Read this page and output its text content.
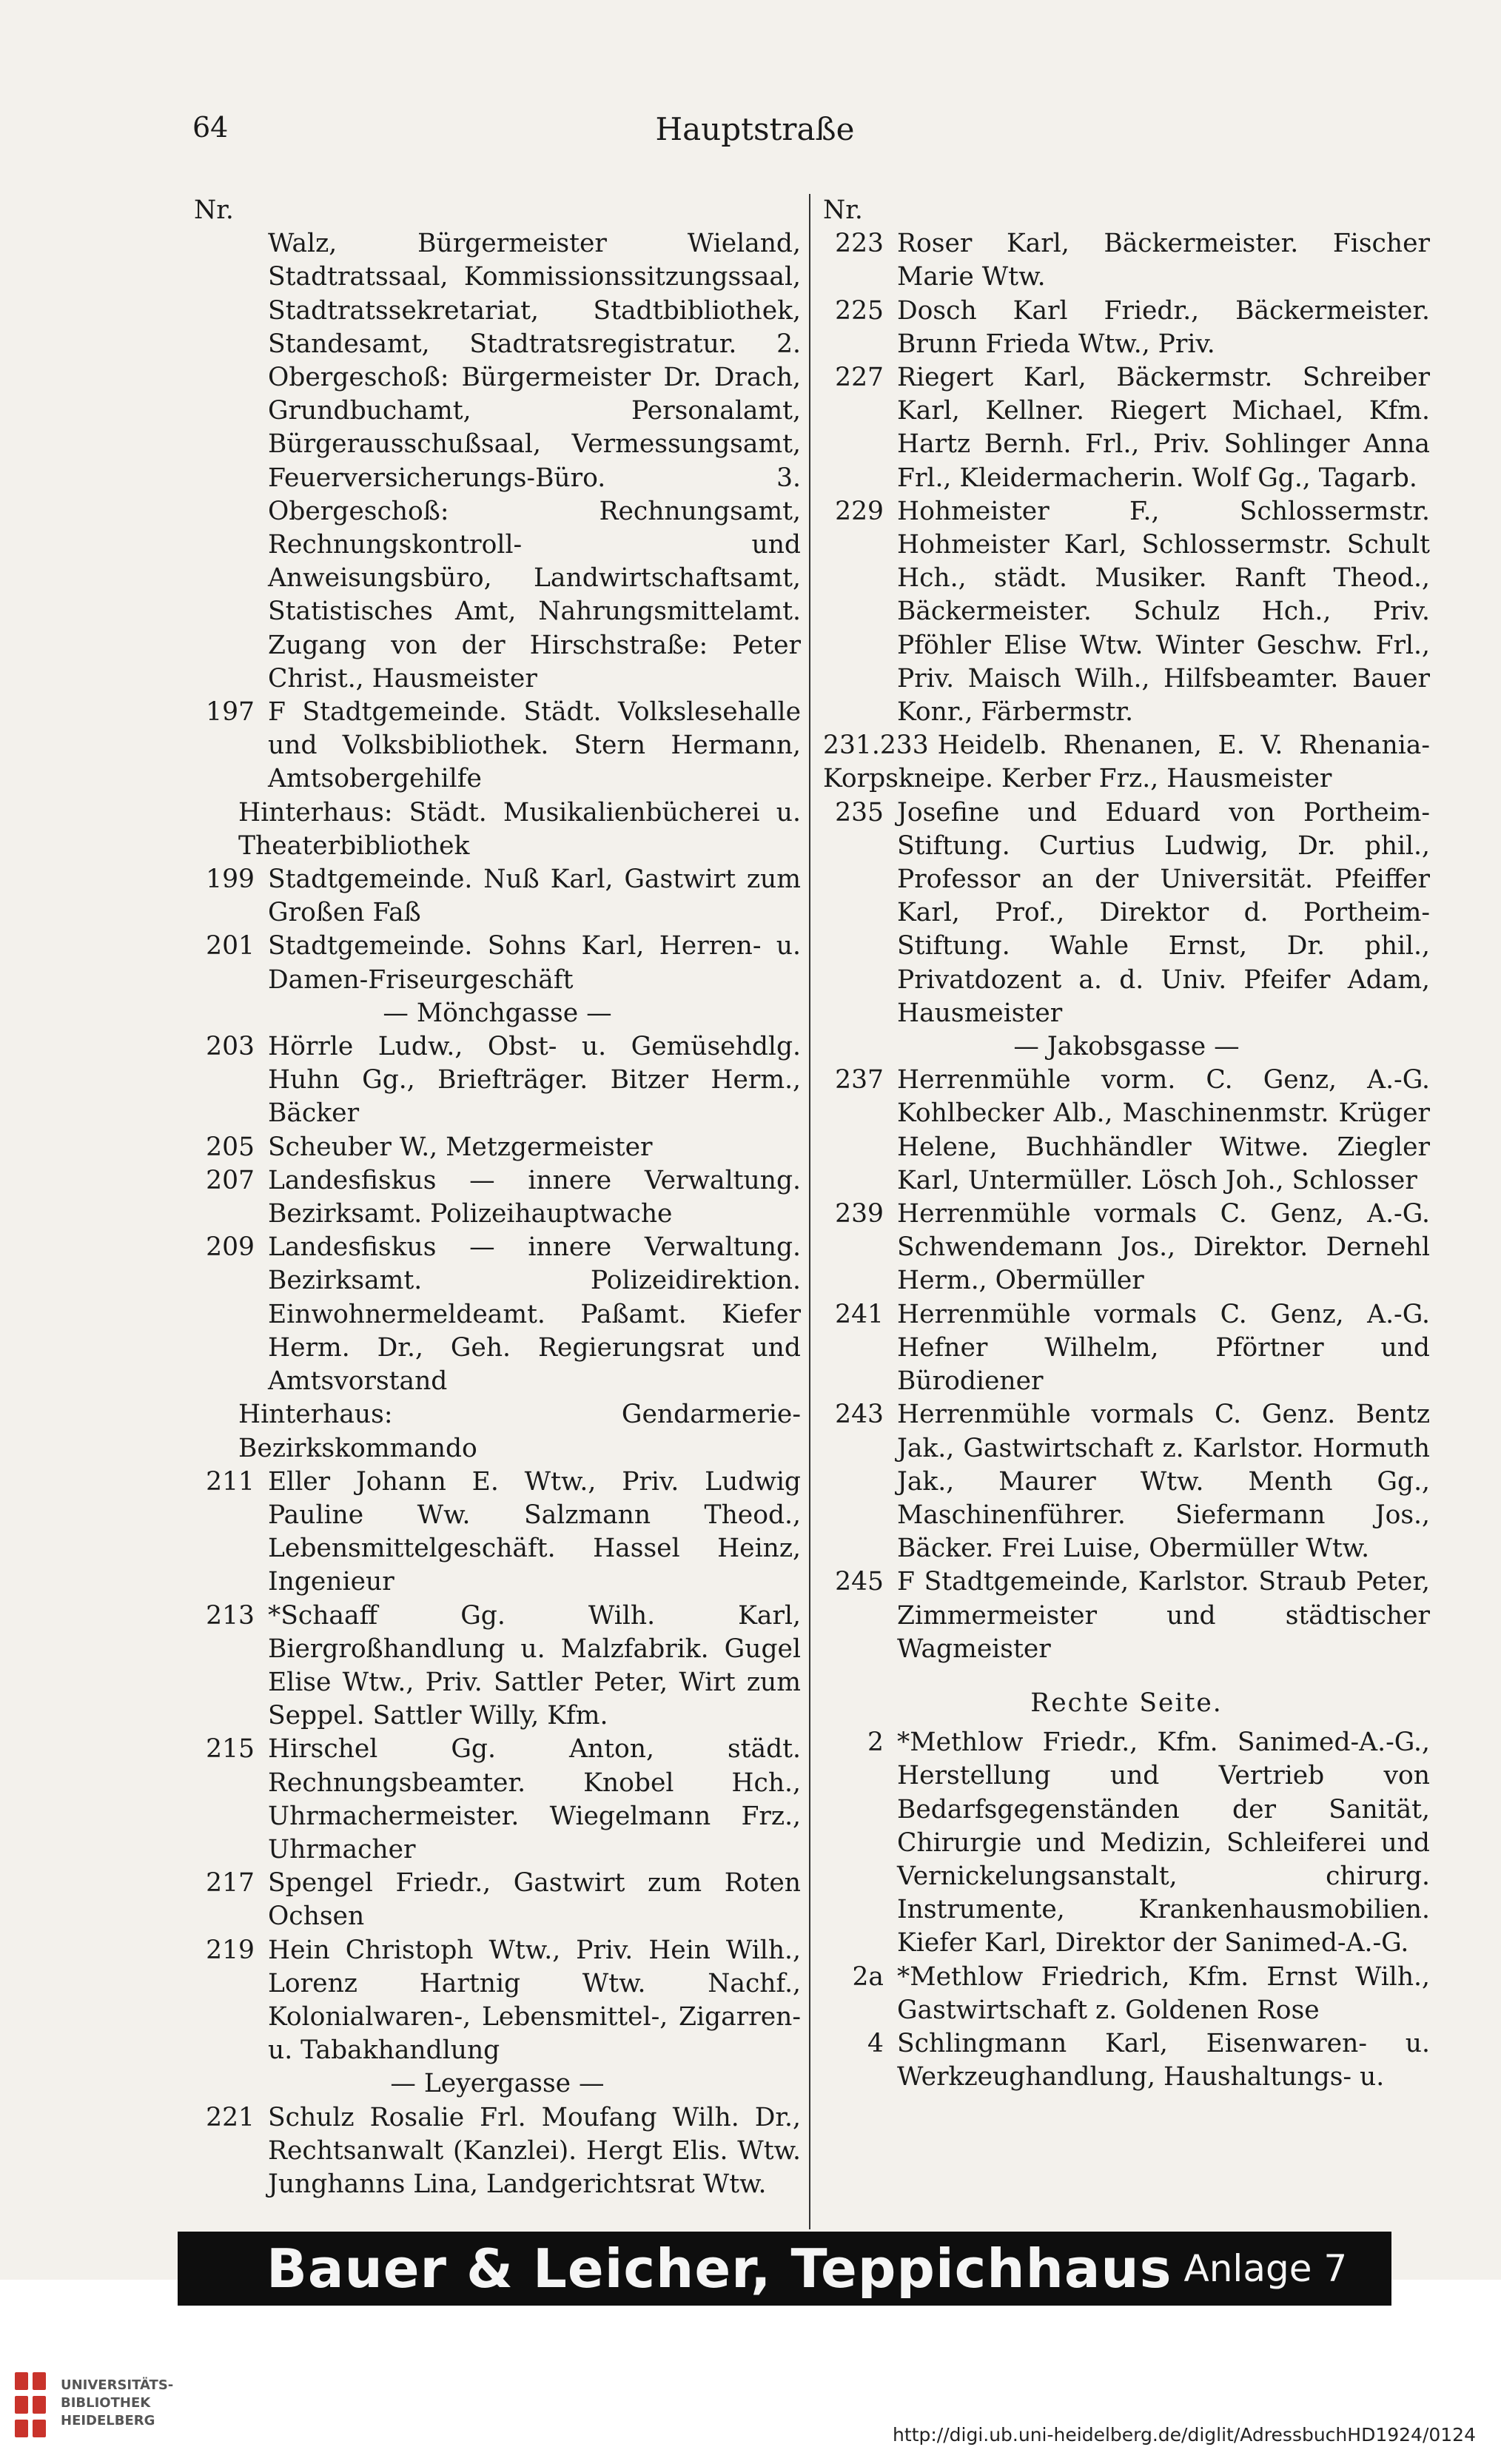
64	Hauptstraße
Nr.
Walz, Bürgermeister Wieland, Stadtratssaal, Kommissionssitzungssaal, Stadtratssekretariat, Stadtbibliothek, Standesamt, Stadtratsregistratur. 2. Obergeschoß: Bürgermeister Dr. Drach, Grundbuchamt, Personalamt, Bürgerausschußsaal, Vermessungsamt, Feuerversicherungs-Büro. 3. Obergeschoß: Rechnungsamt, Rechnungskontroll- und Anweisungsbüro, Landwirtschaftsamt, Statistisches Amt, Nahrungsmittelamt. Zugang von der Hirschstraße: Peter Christ., Hausmeister
197 F Stadtgemeinde. Städt. Volkslesehalle und Volksbibliothek. Stern Hermann, Amtsobergehilfe
Hinterhaus: Städt. Musikalienbücherei u. Theaterbibliothek
199 Stadtgemeinde. Nuß Karl, Gastwirt zum Großen Faß
201 Stadtgemeinde. Sohns Karl, Herren- u. Damen-Friseurgeschäft
— Mönchgasse —
203 Hörrle Ludw., Obst- u. Gemüsehdlg. Huhn Gg., Briefträger. Bitzer Herm., Bäcker
205 Scheuber W., Metzgermeister
207 Landesfiskus — innere Verwaltung. Bezirksamt. Polizeihauptwache
209 Landesfiskus — innere Verwaltung. Bezirksamt. Polizeidirektion. Einwohnermeldeamt. Paßamt. Kiefer Herm. Dr., Geh. Regierungsrat und Amtsvorstand
Hinterhaus: Gendarmerie-Bezirkskommando
211 Eller Johann E. Wtw., Priv. Ludwig Pauline Ww. Salzmann Theod., Lebensmittelgeschäft. Hassel Heinz, Ingenieur
213 *Schaaff Gg. Wilh. Karl, Biergroßhandlung u. Malzfabrik. Gugel Elise Wtw., Priv. Sattler Peter, Wirt zum Seppel. Sattler Willy, Kfm.
215 Hirschel Gg. Anton, städt. Rechnungsbeamter. Knobel Hch., Uhrmachermeister. Wiegelmann Frz., Uhrmacher
217 Spengel Friedr., Gastwirt zum Roten Ochsen
219 Hein Christoph Wtw., Priv. Hein Wilh., Lorenz Hartnig Wtw. Nachf., Kolonialwaren-, Lebensmittel-, Zigarren- u. Tabakhandlung
— Leyergasse —
221 Schulz Rosalie Frl. Moufang Wilh. Dr., Rechtsanwalt (Kanzlei). Hergt Elis. Wtw. Junghanns Lina, Landgerichtsrat Wtw.
Nr.
223 Roser Karl, Bäckermeister. Fischer Marie Wtw.
225 Dosch Karl Friedr., Bäckermeister. Brunn Frieda Wtw., Priv.
227 Riegert Karl, Bäckermstr. Schreiber Karl, Kellner. Riegert Michael, Kfm. Hartz Bernh. Frl., Priv. Sohlinger Anna Frl., Kleidermacherin. Wolf Gg., Tagarb.
229 Hohmeister F., Schlossermstr. Hohmeister Karl, Schlossermstr. Schult Hch., städt. Musiker. Ranft Theod., Bäckermeister. Schulz Hch., Priv. Pföhler Elise Wtw. Winter Geschw. Frl., Priv. Maisch Wilh., Hilfsbeamter. Bauer Konr., Färbermstr.
231.233 Heidelb. Rhenanen, E. V. Rhenania-Korpskneipe. Kerber Frz., Hausmeister
235 Josefine und Eduard von Portheim-Stiftung. Curtius Ludwig, Dr. phil., Professor an der Universität. Pfeiffer Karl, Prof., Direktor d. Portheim-Stiftung. Wahle Ernst, Dr. phil., Privatdozent a. d. Univ. Pfeifer Adam, Hausmeister
— Jakobsgasse —
237 Herrenmühle vorm. C. Genz, A.-G. Kohlbecker Alb., Maschinenmstr. Krüger Helene, Buchhändler Witwe. Ziegler Karl, Untermüller. Lösch Joh., Schlosser
239 Herrenmühle vormals C. Genz, A.-G. Schwendemann Jos., Direktor. Dernehl Herm., Obermüller
241 Herrenmühle vormals C. Genz, A.-G. Hefner Wilhelm, Pförtner und Bürodiener
243 Herrenmühle vormals C. Genz. Bentz Jak., Gastwirtschaft z. Karlstor. Hormuth Jak., Maurer Wtw. Menth Gg., Maschinenführer. Siefermann Jos., Bäcker. Frei Luise, Obermüller Wtw.
245 F Stadtgemeinde, Karlstor. Straub Peter, Zimmermeister und städtischer Wagmeister
Rechte Seite.
2 *Methlow Friedr., Kfm. Sanimed-A.-G., Herstellung und Vertrieb von Bedarfsgegenständen der Sanität, Chirurgie und Medizin, Schleiferei und Vernickelungsanstalt, chirurg. Instrumente, Krankenhausmobilien. Kiefer Karl, Direktor der Sanimed-A.-G.
2a *Methlow Friedrich, Kfm. Ernst Wilh., Gastwirtschaft z. Goldenen Rose
4 Schlingmann Karl, Eisenwaren- u. Werkzeughandlung, Haushaltungs- u.
Bauer & Leicher, Teppichhaus Anlage 7
UNIVERSITÄTS-
BIBLIOTHEK
HEIDELBERG
http://digi.ub.uni-heidelberg.de/diglit/AdressbuchHD1924/0124
